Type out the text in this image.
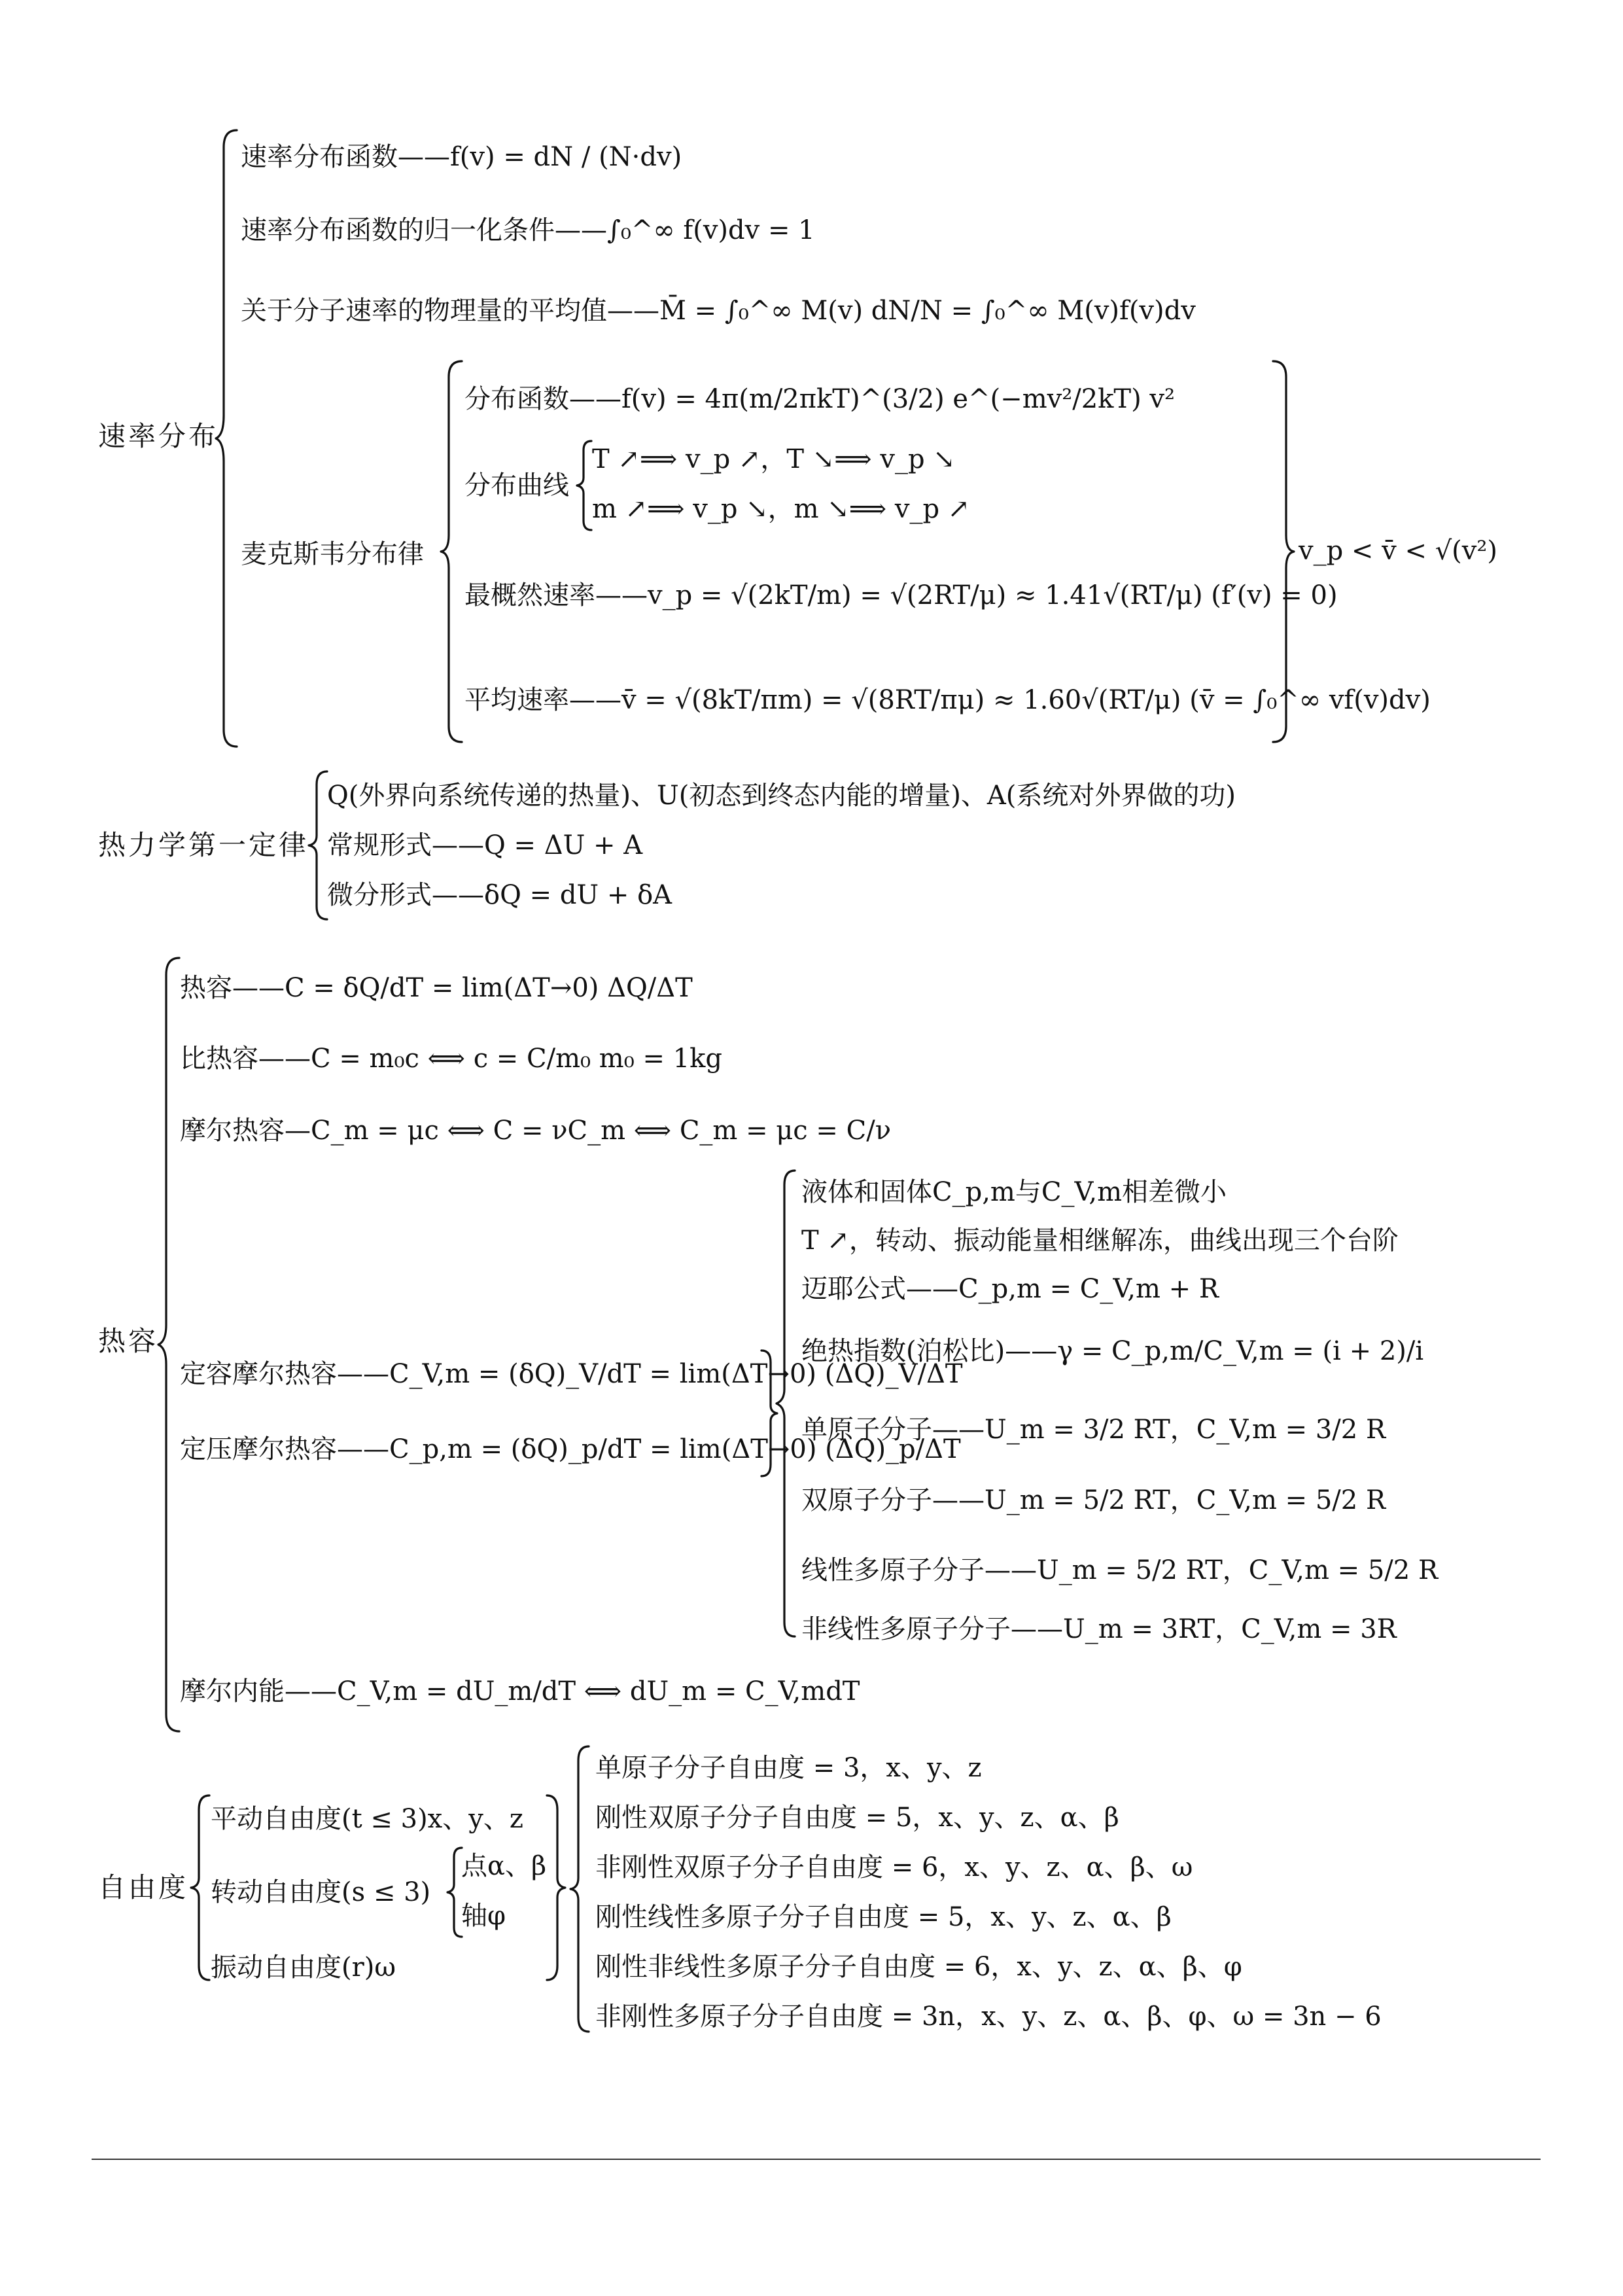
速率分布
速率分布函数——f(v) = dN / (N·dv)
速率分布函数的归一化条件——∫₀^∞ f(v)dv = 1
关于分子速率的物理量的平均值——M̄ = ∫₀^∞ M(v) dN/N = ∫₀^∞ M(v)f(v)dv
麦克斯韦分布律
分布函数——f(v) = 4π(m/2πkT)^(3/2) e^(−mv²/2kT) v²
分布曲线
T ↗⟹ v_p ↗，T ↘⟹ v_p ↘
m ↗⟹ v_p ↘，m ↘⟹ v_p ↗
最概然速率——v_p = √(2kT/m) = √(2RT/μ) ≈ 1.41√(RT/μ) (f′(v) = 0)
平均速率——v̄ = √(8kT/πm) = √(8RT/πμ) ≈ 1.60√(RT/μ) (v̄ = ∫₀^∞ vf(v)dv)
v_p < v̄ < √(v²)
热力学第一定律
Q(外界向系统传递的热量)、U(初态到终态内能的增量)、A(系统对外界做的功)
常规形式——Q = ΔU + A
微分形式——δQ = dU + δA
热容
热容——C = δQ/dT = lim(ΔT→0) ΔQ/ΔT
比热容——C = m₀c ⟺ c = C/m₀ m₀ = 1kg
摩尔热容—C_m = μc ⟺ C = νC_m ⟺ C_m = μc = C/ν
定容摩尔热容——C_V,m = (δQ)_V/dT = lim(ΔT→0) (ΔQ)_V/ΔT
定压摩尔热容——C_p,m = (δQ)_p/dT = lim(ΔT→0) (ΔQ)_p/ΔT
摩尔内能——C_V,m = dU_m/dT ⟺ dU_m = C_V,mdT
液体和固体C_p,m与C_V,m相差微小
T ↗，转动、振动能量相继解冻，曲线出现三个台阶
迈耶公式——C_p,m = C_V,m + R
绝热指数(泊松比)——γ = C_p,m/C_V,m = (i + 2)/i
单原子分子——U_m = 3/2 RT，C_V,m = 3/2 R
双原子分子——U_m = 5/2 RT，C_V,m = 5/2 R
线性多原子分子——U_m = 5/2 RT，C_V,m = 5/2 R
非线性多原子分子——U_m = 3RT，C_V,m = 3R
自由度
平动自由度(t ≤ 3)x、y、z
转动自由度(s ≤ 3)
振动自由度(r)ω
点α、β
轴φ
单原子分子自由度 = 3，x、y、z
刚性双原子分子自由度 = 5，x、y、z、α、β
非刚性双原子分子自由度 = 6，x、y、z、α、β、ω
刚性线性多原子分子自由度 = 5，x、y、z、α、β
刚性非线性多原子分子自由度 = 6，x、y、z、α、β、φ
非刚性多原子分子自由度 = 3n，x、y、z、α、β、φ、ω = 3n − 6
